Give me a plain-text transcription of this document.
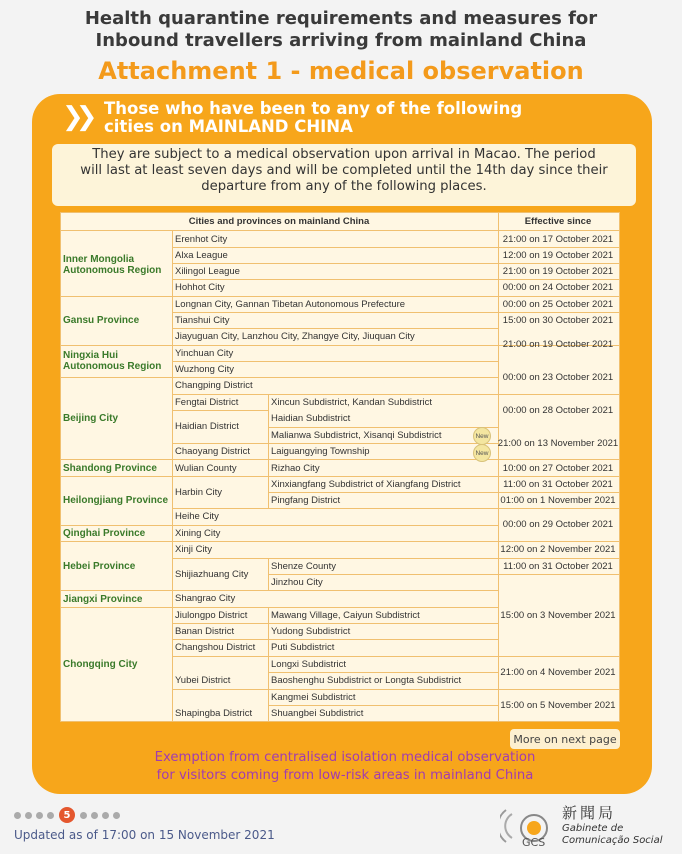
Health quarantine requirements and measures for
Inbound travellers arriving from mainland China
Attachment 1 - medical observation
❯❯ Those who have been to any of the following
cities on MAINLAND CHINA
They are subject to a medical observation upon arrival in Macao. The period
will last at least seven days and will be completed until the 14th day since their
departure from any of the following places.
Cities and provinces on mainland China	Effective since
Inner Mongolia Autonomous Region
Gansu Province
Ningxia Hui Autonomous Region
Beijing City
Shandong Province
Heilongjiang Province
Qinghai Province
Hebei Province
Jiangxi Province
Chongqing City
Erenhot City
Alxa League
Xilingol League
Hohhot City
Longnan City, Gannan Tibetan Autonomous Prefecture
Tianshui City
Jiayuguan City, Lanzhou City, Zhangye City, Jiuquan City
Yinchuan City
Wuzhong City
Changping District
Fengtai District
Haidian District
Chaoyang District
Wulian County
Harbin City
Heihe City
Xining City
Xinji City
Shijiazhuang City
Shangrao City
Jiulongpo District
Banan District
Changshou District
Yubei District
Shapingba District
Xincun Subdistrict, Kandan Subdistrict
Haidian Subdistrict
Malianwa Subdistrict, Xisanqi Subdistrict
Laiguangying Township
Rizhao City
Xinxiangfang Subdistrict of Xiangfang District
Pingfang District
Shenze County
Jinzhou City
Mawang Village, Caiyun Subdistrict
Yudong Subdistrict
Puti Subdistrict
Longxi Subdistrict
Baoshenghu Subdistrict or Longta Subdistrict
Kangmei Subdistrict
Shuangbei Subdistrict
New
New
21:00 on 17 October 2021
12:00 on 19 October 2021
21:00 on 19 October 2021
00:00 on 24 October 2021
00:00 on 25 October 2021
15:00 on 30 October 2021
21:00 on 19 October 2021
00:00 on 23 October 2021
00:00 on 28 October 2021
21:00 on 13 November 2021
10:00 on 27 October 2021
11:00 on 31 October 2021
01:00 on 1 November 2021
00:00 on 29 October 2021
12:00 on 2 November 2021
11:00 on 31 October 2021
15:00 on 3 November 2021
21:00 on 4 November 2021
15:00 on 5 November 2021
More on next page
Exemption from centralised isolation medical observation
for visitors coming from low-risk areas in mainland China
5
Updated as of 17:00 on 15 November 2021
GCS
新聞局
Gabinete de
Comunicação Social
